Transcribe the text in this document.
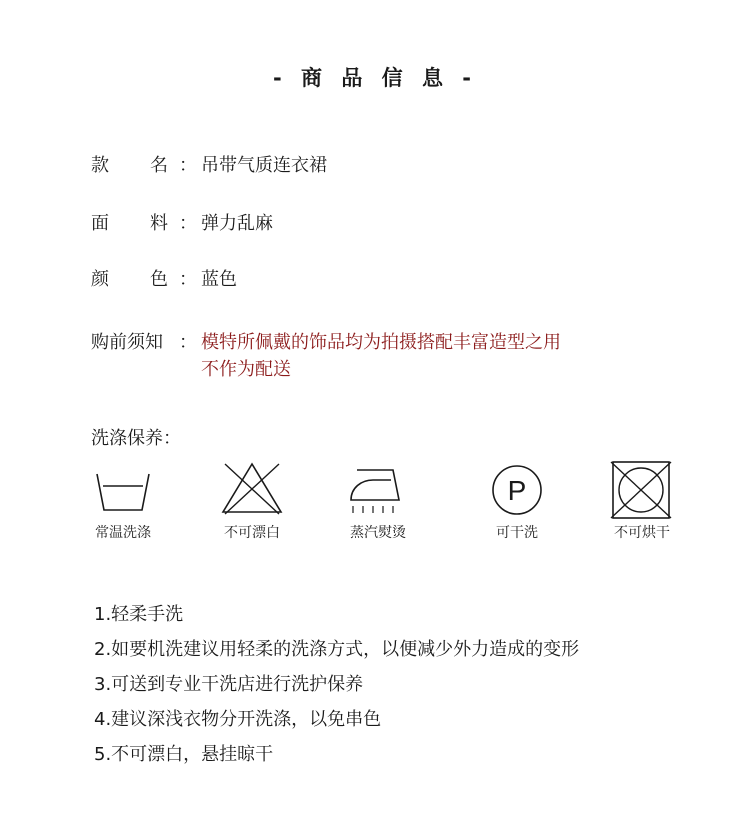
- 商 品 信 息 -
款 名 ： 吊带气质连衣裙
面 料 ： 弹力乱麻
颜 色 ： 蓝色
购前须知 ： 模特所佩戴的饰品均为拍摄搭配丰富造型之用
不作为配送
洗涤保养：
常温洗涤	不可漂白	蒸汽熨烫
P
可干洗	不可烘干
1.轻柔手洗
2.如要机洗建议用轻柔的洗涤方式，以便减少外力造成的变形
3.可送到专业干洗店进行洗护保养
4.建议深浅衣物分开洗涤，以免串色
5.不可漂白，悬挂晾干
